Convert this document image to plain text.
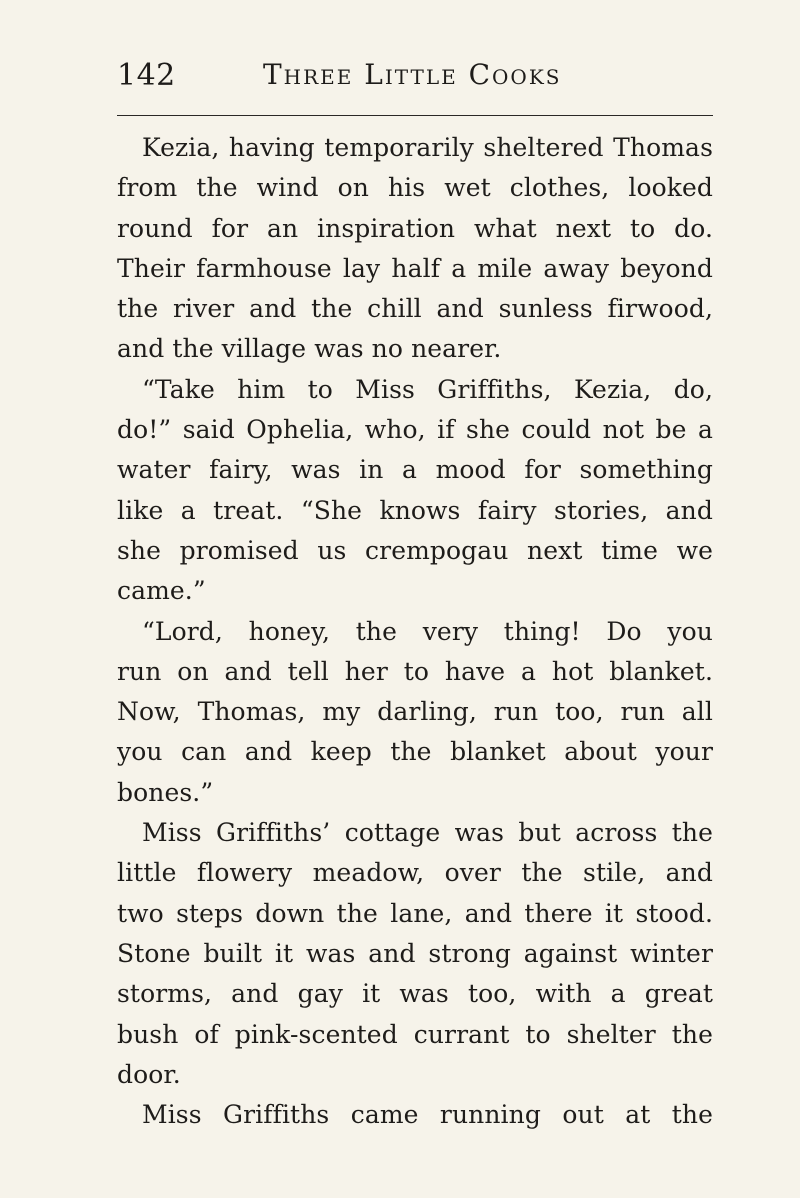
142	Three Little Cooks
Kezia, having temporarily sheltered Thomas
from the wind on his wet clothes, looked
round for an inspiration what next to do.
Their farmhouse lay half a mile away beyond
the river and the chill and sunless firwood,
and the village was no nearer.
“Take him to Miss Griffiths, Kezia, do,
do!” said Ophelia, who, if she could not be a
water fairy, was in a mood for something
like a treat. “She knows fairy stories, and
she promised us crempogau next time we
came.”
“Lord, honey, the very thing! Do you
run on and tell her to have a hot blanket.
Now, Thomas, my darling, run too, run all
you can and keep the blanket about your
bones.”
Miss Griffiths’ cottage was but across the
little flowery meadow, over the stile, and
two steps down the lane, and there it stood.
Stone built it was and strong against winter
storms, and gay it was too, with a great
bush of pink-scented currant to shelter the
door.
Miss Griffiths came running out at the
